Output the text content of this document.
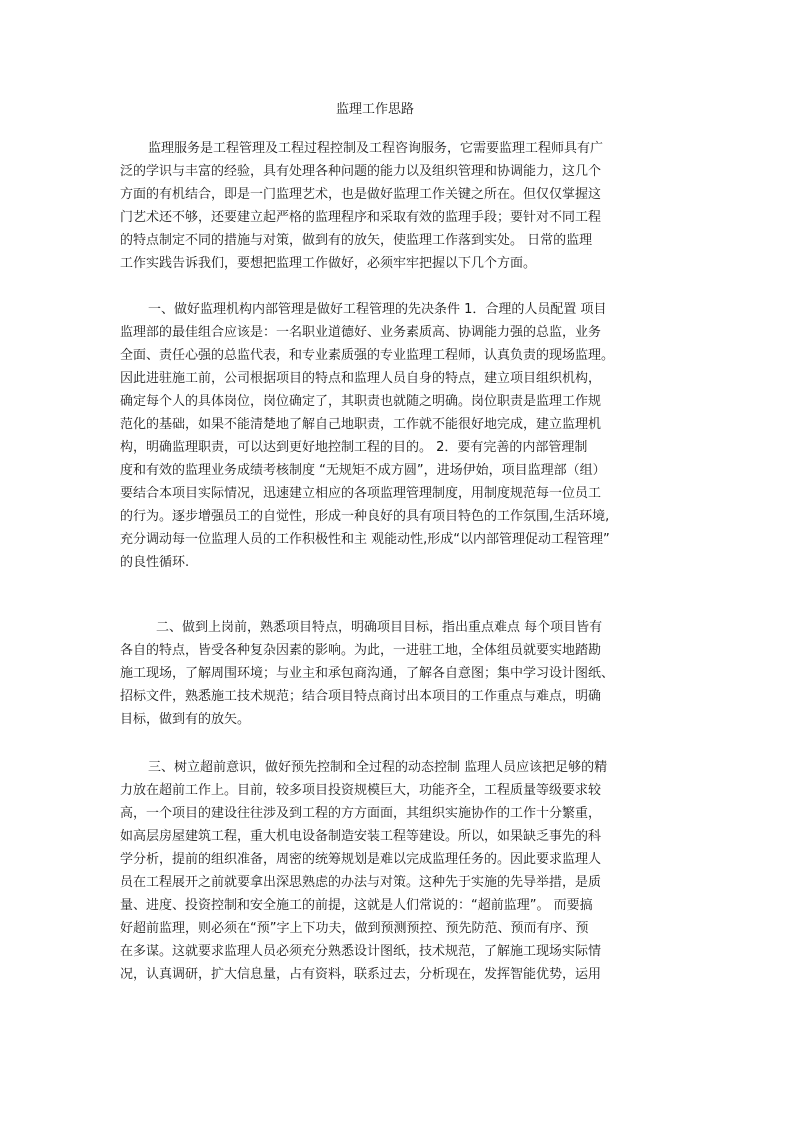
监理工作思路
监理服务是工程管理及工程过程控制及工程咨询服务，它需要监理工程师具有广
泛的学识与丰富的经验，具有处理各种问题的能力以及组织管理和协调能力，这几个
方面的有机结合，即是一门监理艺术，也是做好监理工作关键之所在。但仅仅掌握这
门艺术还不够，还要建立起严格的监理程序和采取有效的监理手段；要针对不同工程
的特点制定不同的措施与对策，做到有的放矢，使监理工作落到实处。 日常的监理
工作实践告诉我们，要想把监理工作做好，必须牢牢把握以下几个方面。
一、做好监理机构内部管理是做好工程管理的先决条件 1．合理的人员配置 项目
监理部的最佳组合应该是：一名职业道德好、业务素质高、协调能力强的总监，业务
全面、责任心强的总监代表，和专业素质强的专业监理工程师，认真负责的现场监理。
因此进驻施工前，公司根据项目的特点和监理人员自身的特点，建立项目组织机构，
确定每个人的具体岗位，岗位确定了，其职责也就随之明确。岗位职责是监理工作规
范化的基础，如果不能清楚地了解自己地职责，工作就不能很好地完成，建立监理机
构，明确监理职责，可以达到更好地控制工程的目的。 2．要有完善的内部管理制
度和有效的监理业务成绩考核制度 “无规矩不成方圆”，进场伊始，项目监理部（组）
要结合本项目实际情况，迅速建立相应的各项监理管理制度，用制度规范每一位员工
的行为。逐步增强员工的自觉性，形成一种良好的具有项目特色的工作氛围,生活环境,
充分调动每一位监理人员的工作积极性和主 观能动性,形成“以内部管理促动工程管理”
的良性循环.
二、做到上岗前，熟悉项目特点，明确项目目标，指出重点难点 每个项目皆有
各自的特点，皆受各种复杂因素的影响。为此，一进驻工地，全体组员就要实地踏勘
施工现场，了解周围环境；与业主和承包商沟通，了解各自意图；集中学习设计图纸、
招标文件，熟悉施工技术规范；结合项目特点商讨出本项目的工作重点与难点，明确
目标，做到有的放矢。
三、树立超前意识，做好预先控制和全过程的动态控制 监理人员应该把足够的精
力放在超前工作上。目前，较多项目投资规模巨大，功能齐全，工程质量等级要求较
高，一个项目的建设往往涉及到工程的方方面面，其组织实施协作的工作十分繁重，
如高层房屋建筑工程，重大机电设备制造安装工程等建设。所以，如果缺乏事先的科
学分析，提前的组织准备，周密的统筹规划是难以完成监理任务的。因此要求监理人
员在工程展开之前就要拿出深思熟虑的办法与对策。这种先于实施的先导举措，是质
量、进度、投资控制和安全施工的前提，这就是人们常说的：“超前监理”。 而要搞
好超前监理，则必须在“预”字上下功夫，做到预测预控、预先防范、预而有序、预
在多谋。这就要求监理人员必须充分熟悉设计图纸，技术规范，了解施工现场实际情
况，认真调研，扩大信息量，占有资料，联系过去，分析现在，发挥智能优势，运用
